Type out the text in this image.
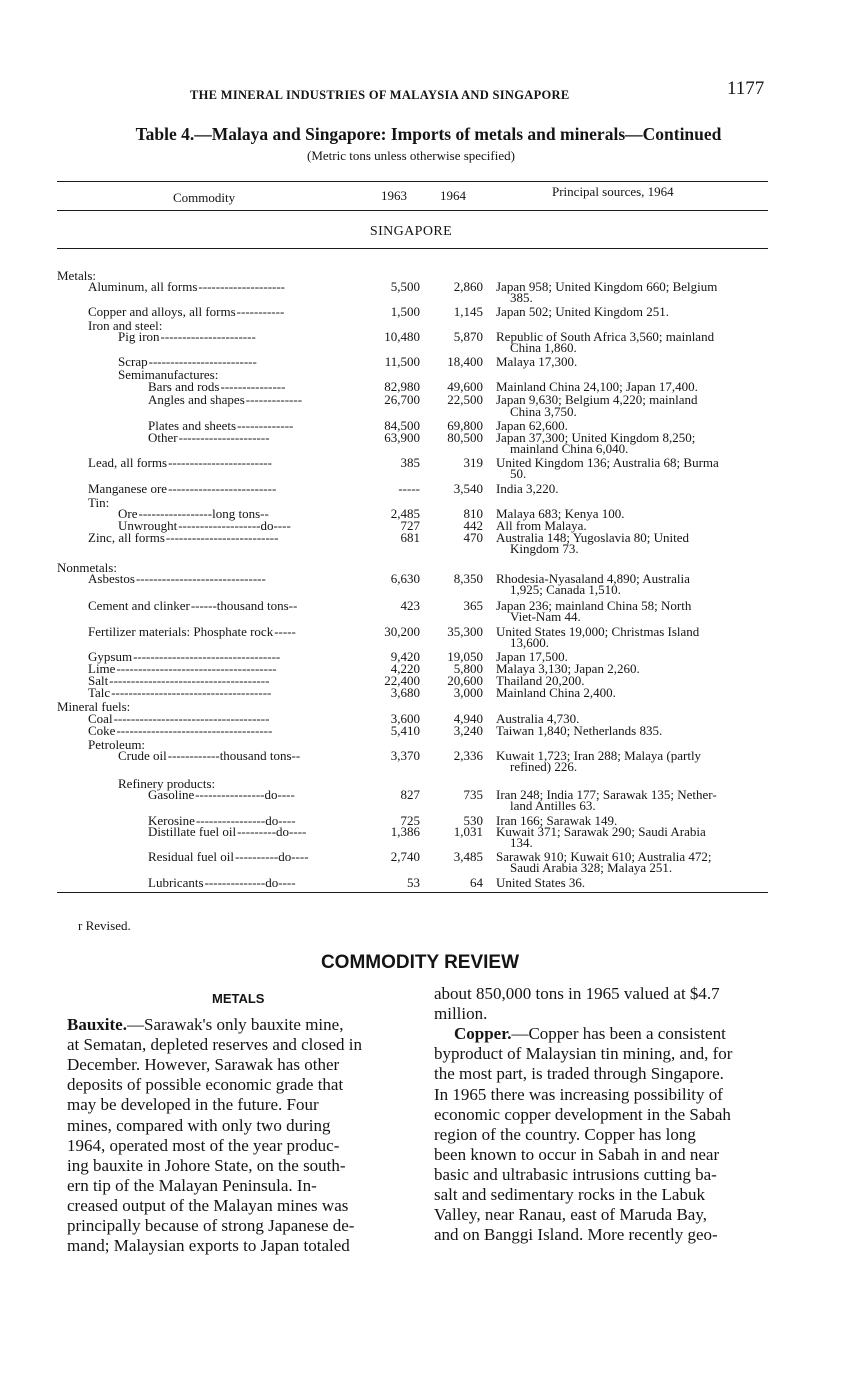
THE MINERAL INDUSTRIES OF MALAYSIA AND SINGAPORE	1177
Table 4.—Malaya and Singapore: Imports of metals and minerals—Continued
(Metric tons unless otherwise specified)
Commodity	1963	1964	Principal sources, 1964
SINGAPORE
Metals:
Aluminum, all forms --------------------	5,500	2,860 Japan 958; United Kingdom 660; Belgium
385.
Copper and alloys, all forms -----------	1,500	1,145 Japan 502; United Kingdom 251.
Iron and steel:
Pig iron ----------------------	10,480	5,870 Republic of South Africa 3,560; mainland
China 1,860.
Scrap -------------------------	11,500 18,400 Malaya 17,300.
Semimanufactures:
Bars and rods ---------------	82,980 49,600 Mainland China 24,100; Japan 17,400.
Angles and shapes -------------	26,700 22,500 Japan 9,630; Belgium 4,220; mainland
China 3,750.
Plates and sheets -------------	84,500 69,800 Japan 62,600.
Other ---------------------	63,900 80,500 Japan 37,300; United Kingdom 8,250;
mainland China 6,040.
Lead, all forms ------------------------	385	319 United Kingdom 136; Australia 68; Burma
50.
Manganese ore -------------------------	-----	3,540 India 3,220.
Tin:
Ore -----------------long tons--	2,485	810 Malaya 683; Kenya 100.
Unwrought -------------------do----	727	442 All from Malaya.
Zinc, all forms --------------------------	681	470 Australia 148; Yugoslavia 80; United
Kingdom 73.
Nonmetals:
Asbestos ------------------------------	6,630	8,350 Rhodesia-Nyasaland 4,890; Australia
1,925; Canada 1,510.
Cement and clinker ------thousand tons--	423	365 Japan 236; mainland China 58; North
Viet-Nam 44.
Fertilizer materials: Phosphate rock -----	30,200 35,300 United States 19,000; Christmas Island
13,600.
Gypsum ----------------------------------	9,420 19,050 Japan 17,500.
Lime -------------------------------------	4,220	5,800 Malaya 3,130; Japan 2,260.
Salt -------------------------------------	22,400 20,600 Thailand 20,200.
Talc -------------------------------------	3,680	3,000 Mainland China 2,400.
Mineral fuels:
Coal ------------------------------------	3,600	4,940 Australia 4,730.
Coke ------------------------------------	5,410	3,240 Taiwan 1,840; Netherlands 835.
Petroleum:
Crude oil ------------thousand tons--	3,370	2,336 Kuwait 1,723; Iran 288; Malaya (partly
refined) 226.
Refinery products:
Gasoline ----------------do----	827	735 Iran 248; India 177; Sarawak 135; Nether-
land Antilles 63.
Kerosine ----------------do----	725	530 Iran 166; Sarawak 149.
Distillate fuel oil ---------do----	1,386	1,031 Kuwait 371; Sarawak 290; Saudi Arabia
134.
Residual fuel oil ----------do----	2,740	3,485 Sarawak 910; Kuwait 610; Australia 472;
Saudi Arabia 328; Malaya 251.
Lubricants --------------do----	53	64 United States 36.
r Revised.
COMMODITY REVIEW
METALS
Bauxite.—Sarawak's only bauxite mine,
at Sematan, depleted reserves and closed in
December. However, Sarawak has other
deposits of possible economic grade that
may be developed in the future. Four
mines, compared with only two during
1964, operated most of the year produc-
ing bauxite in Johore State, on the south-
ern tip of the Malayan Peninsula. In-
creased output of the Malayan mines was
principally because of strong Japanese de-
mand; Malaysian exports to Japan totaled
about 850,000 tons in 1965 valued at $4.7
million.
Copper.—Copper has been a consistent
byproduct of Malaysian tin mining, and, for
the most part, is traded through Singapore.
In 1965 there was increasing possibility of
economic copper development in the Sabah
region of the country. Copper has long
been known to occur in Sabah in and near
basic and ultrabasic intrusions cutting ba-
salt and sedimentary rocks in the Labuk
Valley, near Ranau, east of Maruda Bay,
and on Banggi Island. More recently geo-
